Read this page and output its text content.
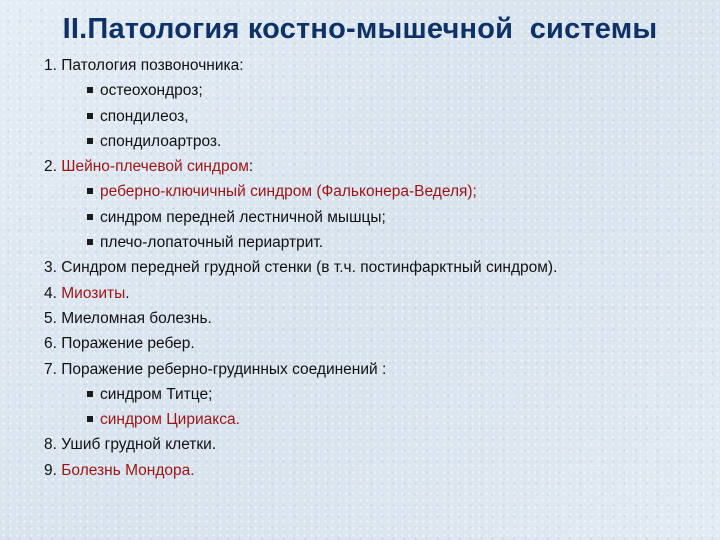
II.Патология костно-мышечной  системы
1. Патология позвоночника:
остеохондроз;
спондилеоз,
спондилоартроз.
2. Шейно-плечевой синдром:
реберно-ключичный синдром (Фальконера-Веделя);
синдром передней лестничной мышцы;
плечо-лопаточный периартрит.
3. Синдром передней грудной стенки (в т.ч. постинфарктный синдром).
4. Миозиты.
5. Миеломная болезнь.
6. Поражение ребер.
7. Поражение реберно-грудинных соединений :
синдром Титце;
синдром Цириакса.
8. Ушиб грудной клетки.
9. Болезнь Мондора.
